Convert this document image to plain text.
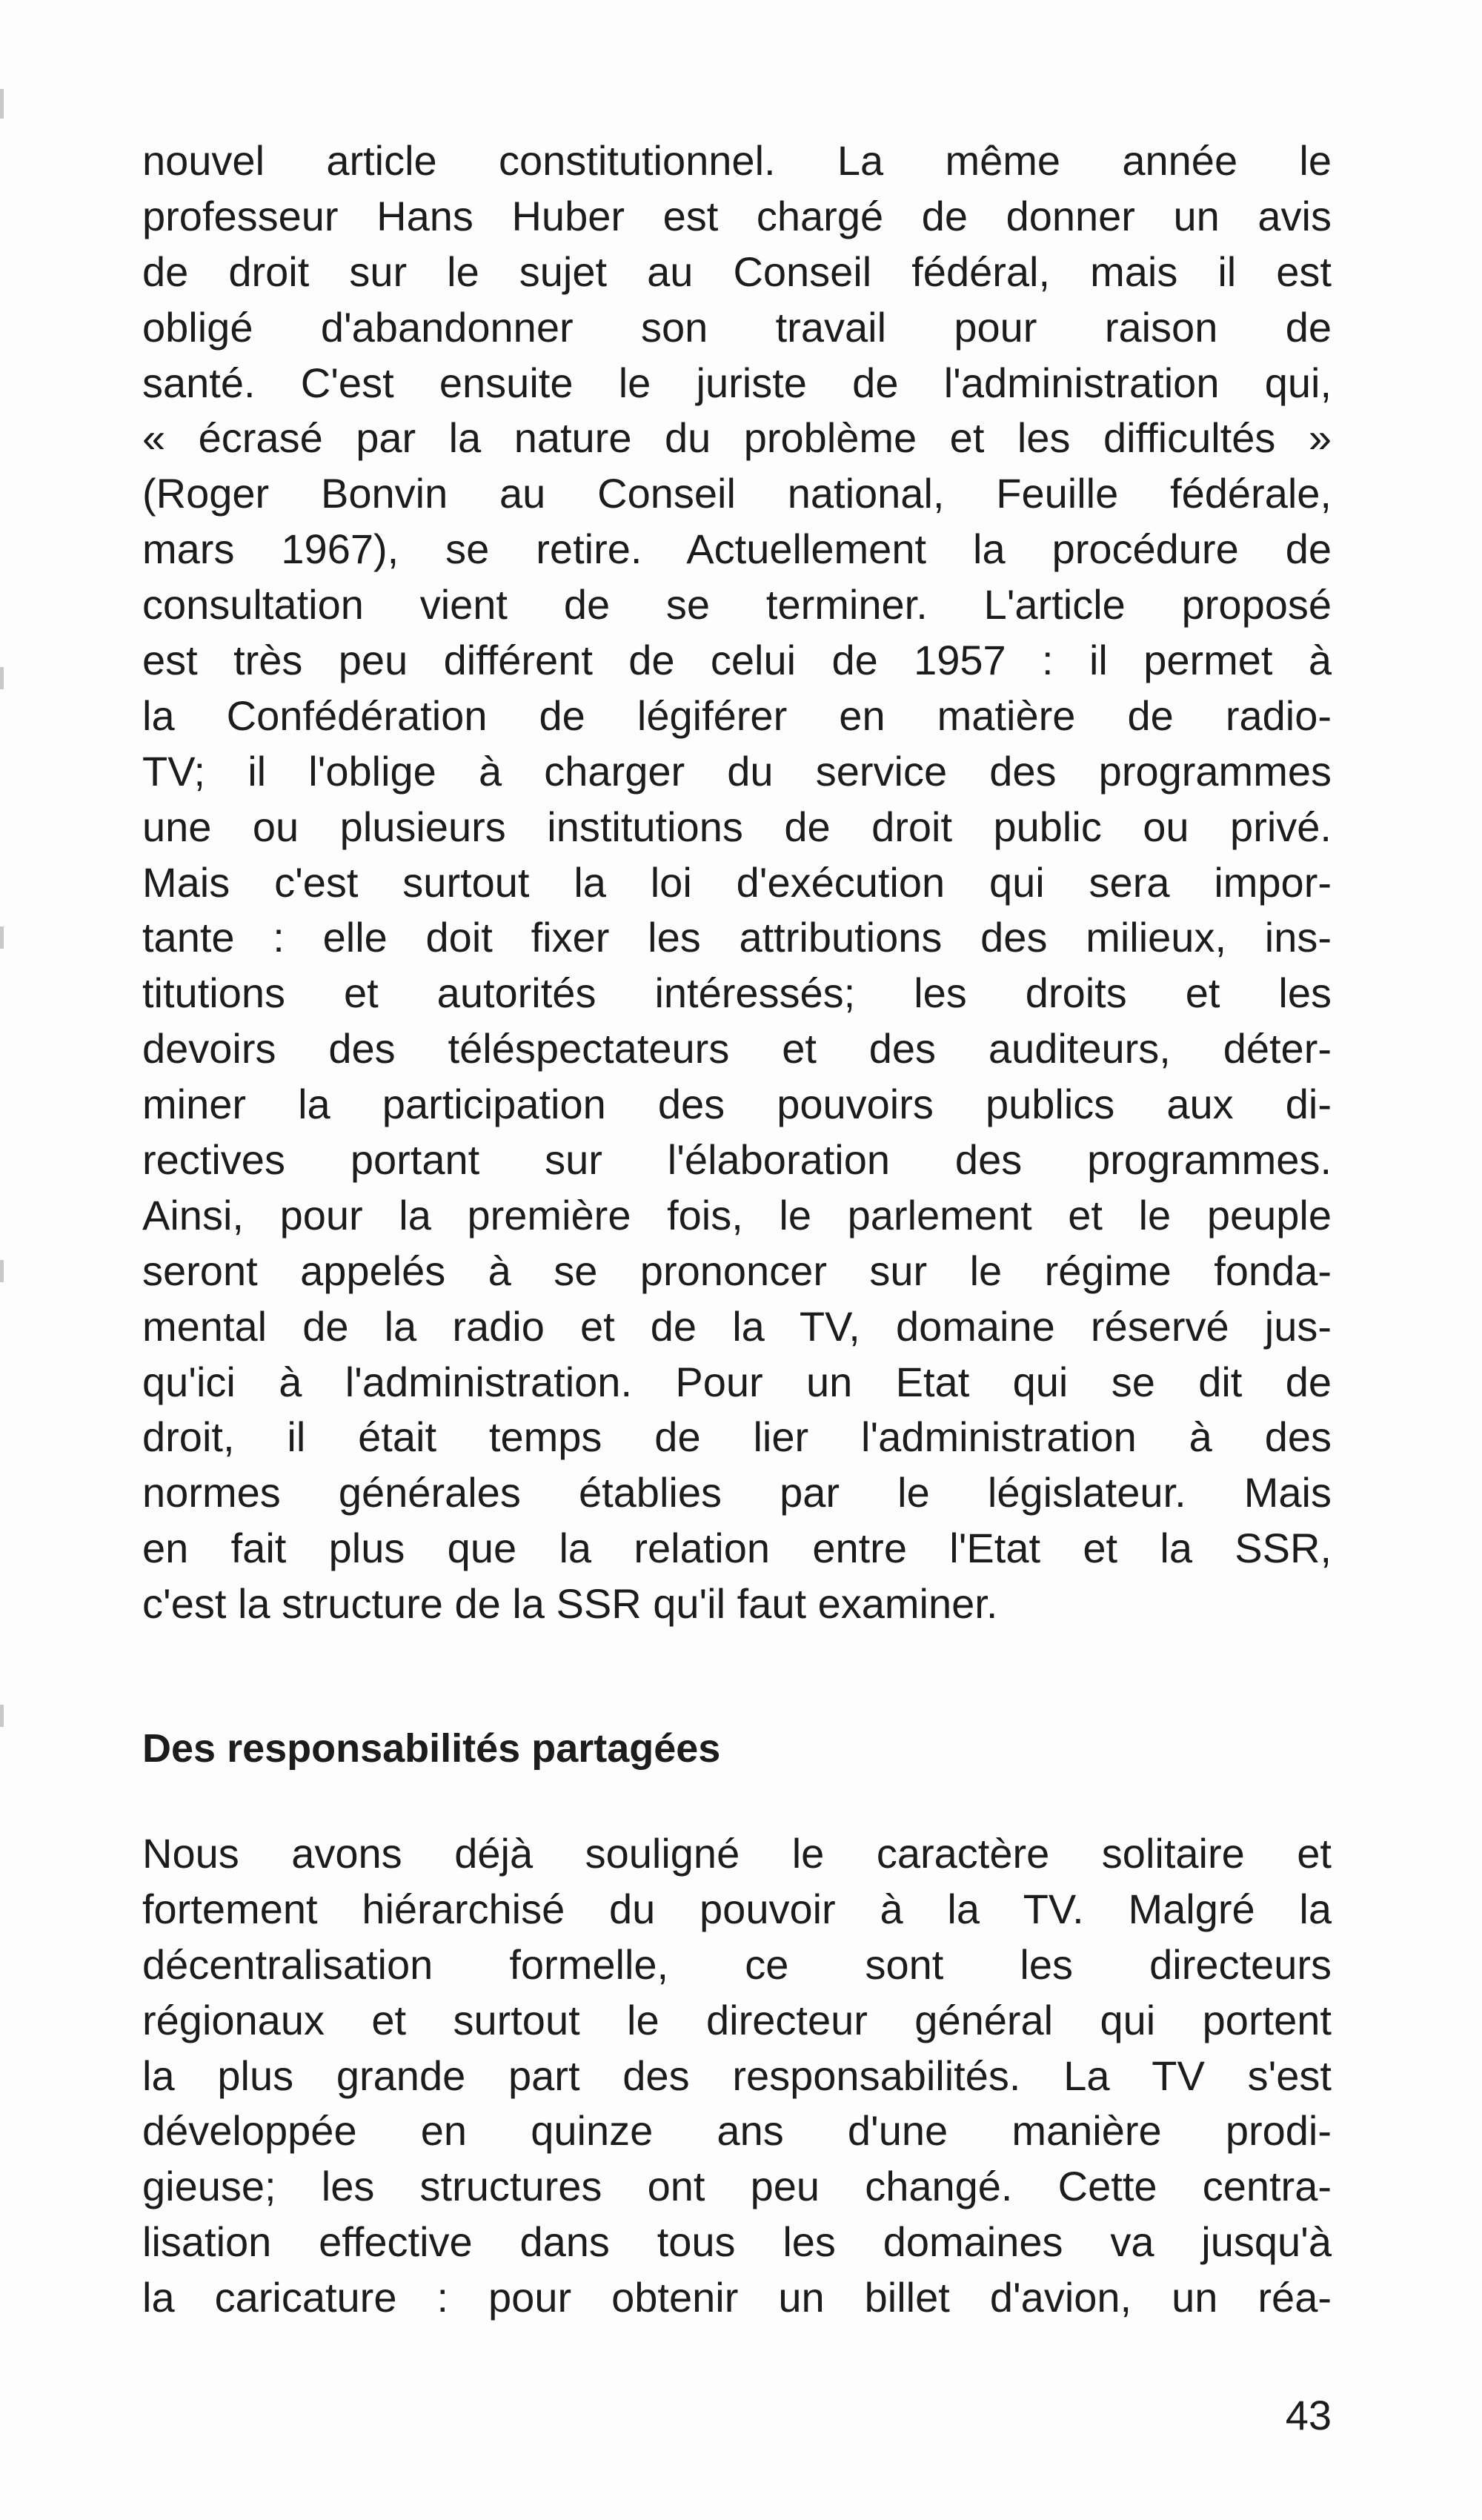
nouvel article constitutionnel. La même année le
professeur Hans Huber est chargé de donner un avis
de droit sur le sujet au Conseil fédéral, mais il est
obligé d'abandonner son travail pour raison de
santé. C'est ensuite le juriste de l'administration qui,
« écrasé par la nature du problème et les difficultés »
(Roger Bonvin au Conseil national, Feuille fédérale,
mars 1967), se retire. Actuellement la procédure de
consultation vient de se terminer. L'article proposé
est très peu différent de celui de 1957 : il permet à
la Confédération de légiférer en matière de radio-
TV; il l'oblige à charger du service des programmes
une ou plusieurs institutions de droit public ou privé.
Mais c'est surtout la loi d'exécution qui sera impor-
tante : elle doit fixer les attributions des milieux, ins-
titutions et autorités intéressés; les droits et les
devoirs des téléspectateurs et des auditeurs, déter-
miner la participation des pouvoirs publics aux di-
rectives portant sur l'élaboration des programmes.
Ainsi, pour la première fois, le parlement et le peuple
seront appelés à se prononcer sur le régime fonda-
mental de la radio et de la TV, domaine réservé jus-
qu'ici à l'administration. Pour un Etat qui se dit de
droit, il était temps de lier l'administration à des
normes générales établies par le législateur. Mais
en fait plus que la relation entre l'Etat et la SSR,
c'est la structure de la SSR qu'il faut examiner.
Des responsabilités partagées
Nous avons déjà souligné le caractère solitaire et
fortement hiérarchisé du pouvoir à la TV. Malgré la
décentralisation formelle, ce sont les directeurs
régionaux et surtout le directeur général qui portent
la plus grande part des responsabilités. La TV s'est
développée en quinze ans d'une manière prodi-
gieuse; les structures ont peu changé. Cette centra-
lisation effective dans tous les domaines va jusqu'à
la caricature : pour obtenir un billet d'avion, un réa-
43
